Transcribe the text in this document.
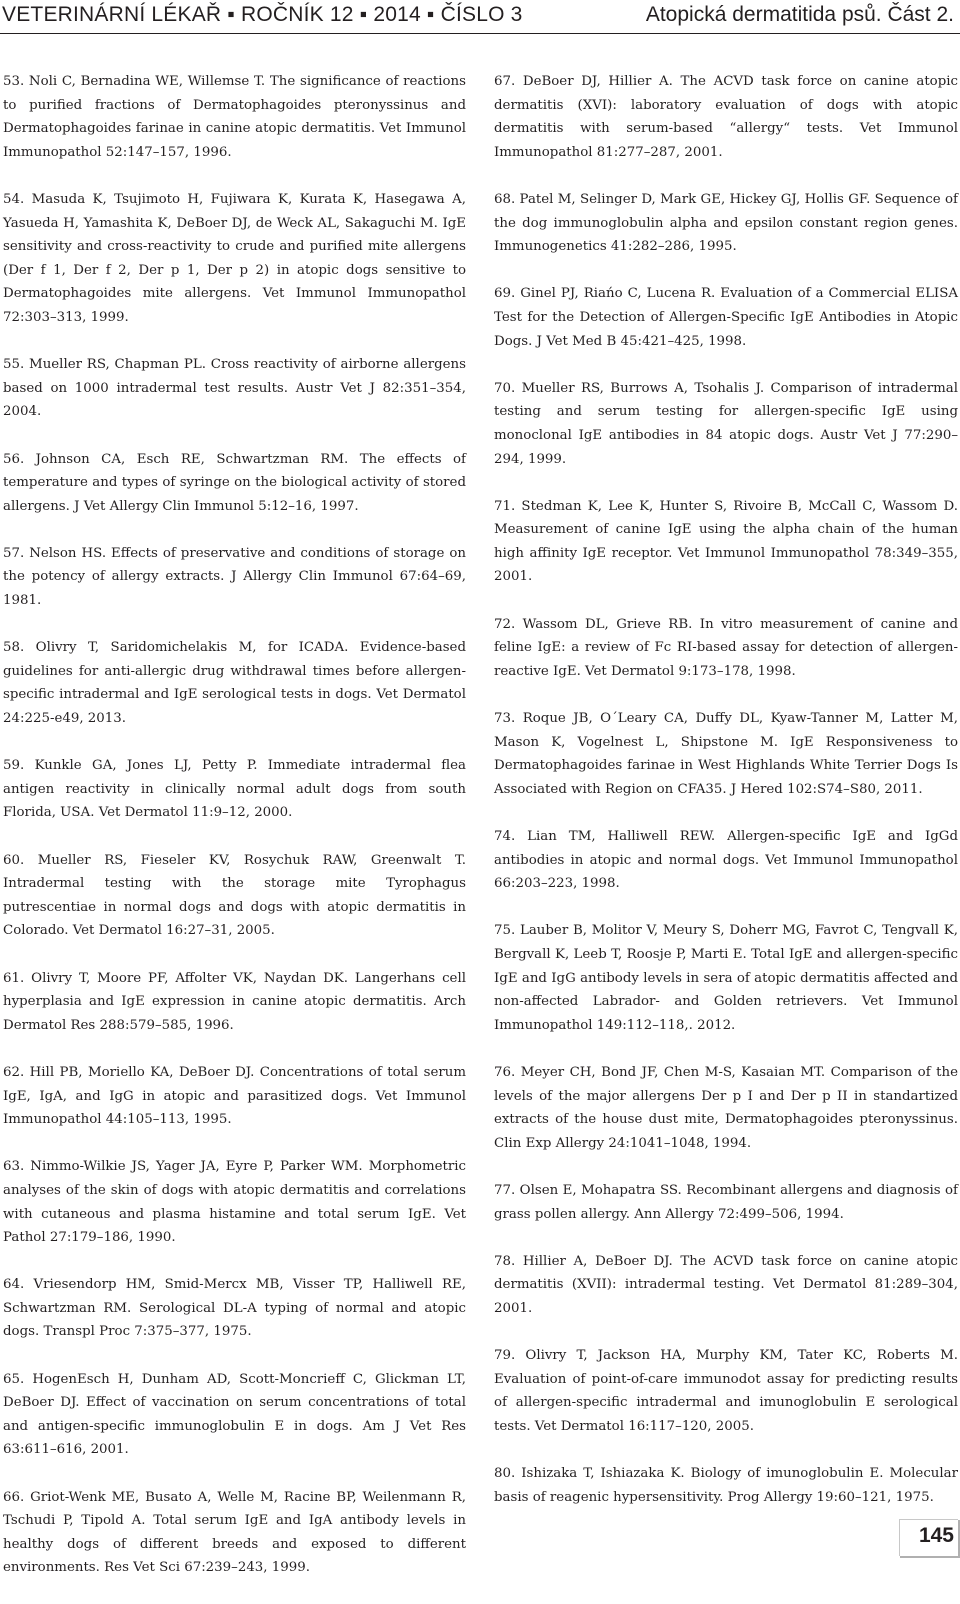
VETERINÁRNÍ LÉKAŘ ▪ ROČNÍK 12 ▪ 2014 ▪ ČÍSLO 3	Atopická dermatitida psů. Část 2.

53. Noli C, Bernadina WE, Willemse T. The significance of reactions to purified fractions of Dermatophagoides pteronyssinus and Dermatophagoides farinae in canine atopic dermatitis. Vet Immunol Immunopathol 52:147–157, 1996.

54. Masuda K, Tsujimoto H, Fujiwara K, Kurata K, Hasegawa A, Yasueda H, Yamashita K, DeBoer DJ, de Weck AL, Sakaguchi M. IgE sensitivity and cross-reactivity to crude and purified mite allergens (Der f 1, Der f 2, Der p 1, Der p 2) in atopic dogs sensitive to Dermatophagoides mite allergens. Vet Immunol Immunopathol 72:303–313, 1999.

55. Mueller RS, Chapman PL. Cross reactivity of airborne allergens based on 1000 intradermal test results. Austr Vet J 82:351–354, 2004.

56. Johnson CA, Esch RE, Schwartzman RM. The effects of temperature and types of syringe on the biological activity of stored allergens. J Vet Allergy Clin Immunol 5:12–16, 1997.

57. Nelson HS. Effects of preservative and conditions of storage on the potency of allergy extracts. J Allergy Clin Immunol 67:64–69, 1981.

58. Olivry T, Saridomichelakis M, for ICADA. Evidence-based guidelines for anti-allergic drug withdrawal times before allergen-specific intradermal and IgE serological tests in dogs. Vet Dermatol 24:225-e49, 2013.

59. Kunkle GA, Jones LJ, Petty P. Immediate intradermal flea antigen reactivity in clinically normal adult dogs from south Florida, USA. Vet Dermatol 11:9–12, 2000.

60. Mueller RS, Fieseler KV, Rosychuk RAW, Greenwalt T. Intradermal testing with the storage mite Tyrophagus putrescentiae in normal dogs and dogs with atopic dermatitis in Colorado. Vet Dermatol 16:27–31, 2005.

61. Olivry T, Moore PF, Affolter VK, Naydan DK. Langerhans cell hyperplasia and IgE expression in canine atopic dermatitis. Arch Dermatol Res 288:579–585, 1996.

62. Hill PB, Moriello KA, DeBoer DJ. Concentrations of total serum IgE, IgA, and IgG in atopic and parasitized dogs. Vet Immunol Immunopathol 44:105–113, 1995.

63. Nimmo-Wilkie JS, Yager JA, Eyre P, Parker WM. Morphometric analyses of the skin of dogs with atopic dermatitis and correlations with cutaneous and plasma histamine and total serum IgE. Vet Pathol 27:179–186, 1990.

64. Vriesendorp HM, Smid-Mercx MB, Visser TP, Halliwell RE, Schwartzman RM. Serological DL-A typing of normal and atopic dogs. Transpl Proc 7:375–377, 1975.

65. HogenEsch H, Dunham AD, Scott-Moncrieff C, Glickman LT, DeBoer DJ. Effect of vaccination on serum concentrations of total and antigen-specific immunoglobulin E in dogs. Am J Vet Res 63:611–616, 2001.

66. Griot-Wenk ME, Busato A, Welle M, Racine BP, Weilenmann R, Tschudi P, Tipold A. Total serum IgE and IgA antibody levels in healthy dogs of different breeds and exposed to different environments. Res Vet Sci 67:239–243, 1999.

67. DeBoer DJ, Hillier A. The ACVD task force on canine atopic dermatitis (XVI): laboratory evaluation of dogs with atopic dermatitis with serum-based “allergy“ tests. Vet Immunol Immunopathol 81:277–287, 2001.

68. Patel M, Selinger D, Mark GE, Hickey GJ, Hollis GF. Sequence of the dog immunoglobulin alpha and epsilon constant region genes. Immunogenetics 41:282–286, 1995.

69. Ginel PJ, Riańo C, Lucena R. Evaluation of a Commercial ELISA Test for the Detection of Allergen-Specific IgE Antibodies in Atopic Dogs. J Vet Med B 45:421–425, 1998.

70. Mueller RS, Burrows A, Tsohalis J. Comparison of intradermal testing and serum testing for allergen-specific IgE using monoclonal IgE antibodies in 84 atopic dogs. Austr Vet J 77:290–294, 1999.

71. Stedman K, Lee K, Hunter S, Rivoire B, McCall C, Wassom D. Measurement of canine IgE using the alpha chain of the human high affinity IgE receptor. Vet Immunol Immunopathol 78:349–355, 2001.

72. Wassom DL, Grieve RB. In vitro measurement of canine and feline IgE: a review of Fc RI-based assay for detection of allergen-reactive IgE. Vet Dermatol 9:173–178, 1998.

73. Roque JB, O´Leary CA, Duffy DL, Kyaw-Tanner M, Latter M, Mason K, Vogelnest L, Shipstone M. IgE Responsiveness to Dermatophagoides farinae in West Highlands White Terrier Dogs Is Associated with Region on CFA35. J Hered 102:S74–S80, 2011.

74. Lian TM, Halliwell REW. Allergen-specific IgE and IgGd antibodies in atopic and normal dogs. Vet Immunol Immunopathol 66:203–223, 1998.

75. Lauber B, Molitor V, Meury S, Doherr MG, Favrot C, Tengvall K, Bergvall K, Leeb T, Roosje P, Marti E. Total IgE and allergen-specific IgE and IgG antibody levels in sera of atopic dermatitis affected and non-affected Labrador- and Golden retrievers. Vet Immunol Immunopathol 149:112–118,. 2012.

76. Meyer CH, Bond JF, Chen M-S, Kasaian MT. Comparison of the levels of the major allergens Der p I and Der p II in standartized extracts of the house dust mite, Dermatophagoides pteronyssinus. Clin Exp Allergy 24:1041–1048, 1994.

77. Olsen E, Mohapatra SS. Recombinant allergens and diagnosis of grass pollen allergy. Ann Allergy 72:499–506, 1994.

78. Hillier A, DeBoer DJ. The ACVD task force on canine atopic dermatitis (XVII): intradermal testing. Vet Dermatol 81:289–304, 2001.

79. Olivry T, Jackson HA, Murphy KM, Tater KC, Roberts M. Evaluation of point-of-care immunodot assay for predicting results of allergen-specific intradermal and imunoglobulin E serological tests. Vet Dermatol 16:117–120, 2005.

80. Ishizaka T, Ishiazaka K. Biology of imunoglobulin E. Molecular basis of reagenic hypersensitivity. Prog Allergy 19:60–121, 1975.

145
